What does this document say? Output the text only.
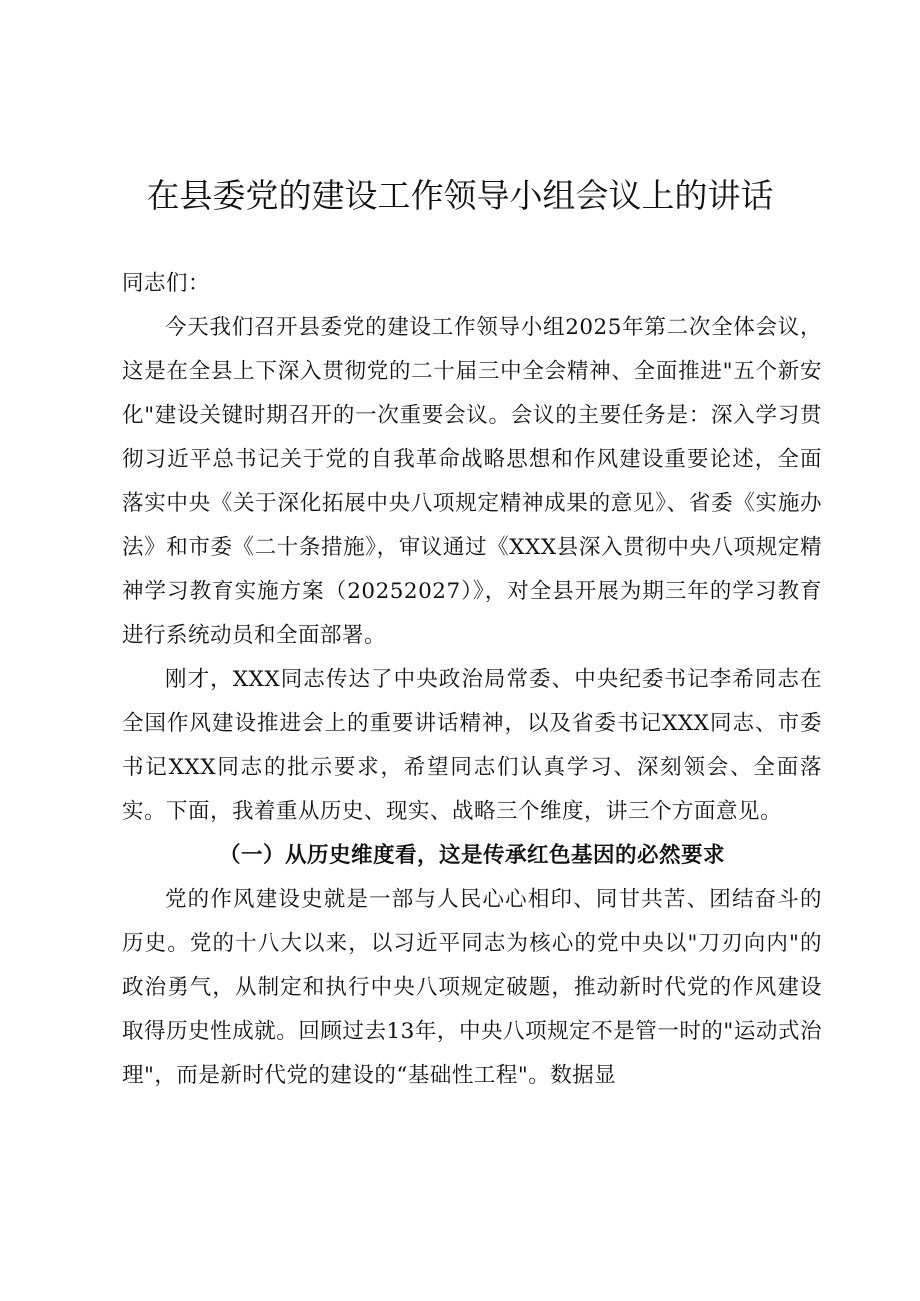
在县委党的建设工作领导小组会议上的讲话

同志们：

今天我们召开县委党的建设工作领导小组2025年第二次全体会议，这是在全县上下深入贯彻党的二十届三中全会精神、全面推进"五个新安化"建设关键时期召开的一次重要会议。会议的主要任务是：深入学习贯彻习近平总书记关于党的自我革命战略思想和作风建设重要论述，全面落实中央《关于深化拓展中央八项规定精神成果的意见》、省委《实施办法》和市委《二十条措施》，审议通过《XXX县深入贯彻中央八项规定精神学习教育实施方案（20252027）》，对全县开展为期三年的学习教育进行系统动员和全面部署。

刚才，XXX同志传达了中央政治局常委、中央纪委书记李希同志在全国作风建设推进会上的重要讲话精神，以及省委书记XXX同志、市委书记XXX同志的批示要求，希望同志们认真学习、深刻领会、全面落实。下面，我着重从历史、现实、战略三个维度，讲三个方面意见。

（一）从历史维度看，这是传承红色基因的必然要求

党的作风建设史就是一部与人民心心相印、同甘共苦、团结奋斗的历史。党的十八大以来，以习近平同志为核心的党中央以"刀刃向内"的政治勇气，从制定和执行中央八项规定破题，推动新时代党的作风建设取得历史性成就。回顾过去13年，中央八项规定不是管一时的"运动式治理"，而是新时代党的建设的“基础性工程"。数据显
